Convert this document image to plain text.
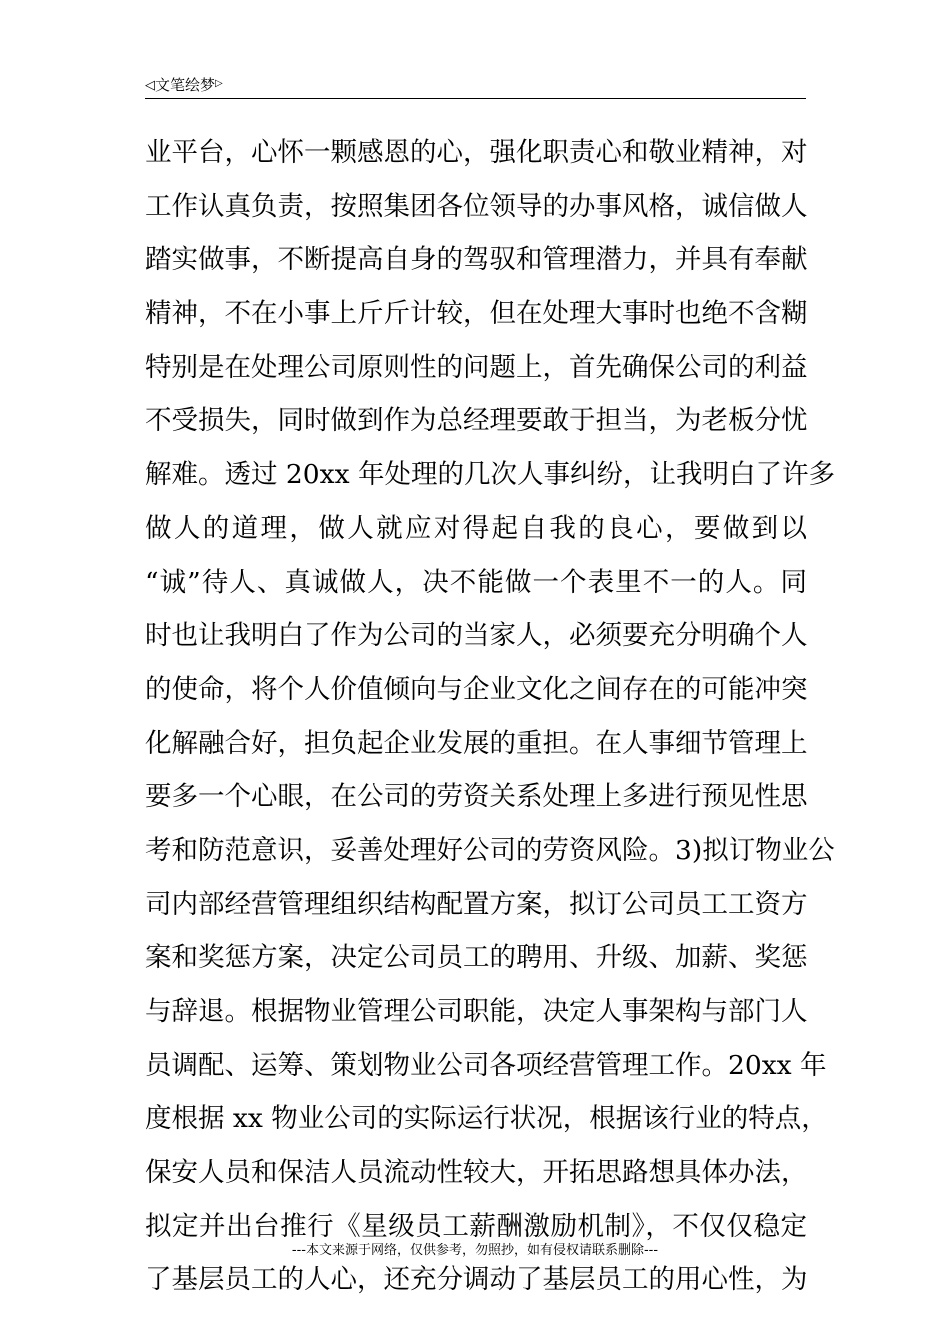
◁文笔绘梦▷
业平台，心怀一颗感恩的心，强化职责心和敬业精神，对
工作认真负责，按照集团各位领导的办事风格，诚信做人
踏实做事，不断提高自身的驾驭和管理潜力，并具有奉献
精神，不在小事上斤斤计较，但在处理大事时也绝不含糊
特别是在处理公司原则性的问题上，首先确保公司的利益
不受损失，同时做到作为总经理要敢于担当，为老板分忧
解难。透过 20xx 年处理的几次人事纠纷，让我明白了许多
做人的道理，做人就应对得起自我的良心，要做到以
“诚”待人、真诚做人，决不能做一个表里不一的人。同
时也让我明白了作为公司的当家人，必须要充分明确个人
的使命，将个人价值倾向与企业文化之间存在的可能冲突
化解融合好，担负起企业发展的重担。在人事细节管理上
要多一个心眼，在公司的劳资关系处理上多进行预见性思
考和防范意识，妥善处理好公司的劳资风险。3)拟订物业公
司内部经营管理组织结构配置方案，拟订公司员工工资方
案和奖惩方案，决定公司员工的聘用、升级、加薪、奖惩
与辞退。根据物业管理公司职能，决定人事架构与部门人
员调配、运筹、策划物业公司各项经营管理工作。20xx 年
度根据 xx 物业公司的实际运行状况，根据该行业的特点，
保安人员和保洁人员流动性较大，开拓思路想具体办法，
拟定并出台推行《星级员工薪酬激励机制》，不仅仅稳定
了基层员工的人心，还充分调动了基层员工的用心性，为
---本文来源于网络，仅供参考，勿照抄，如有侵权请联系删除---
